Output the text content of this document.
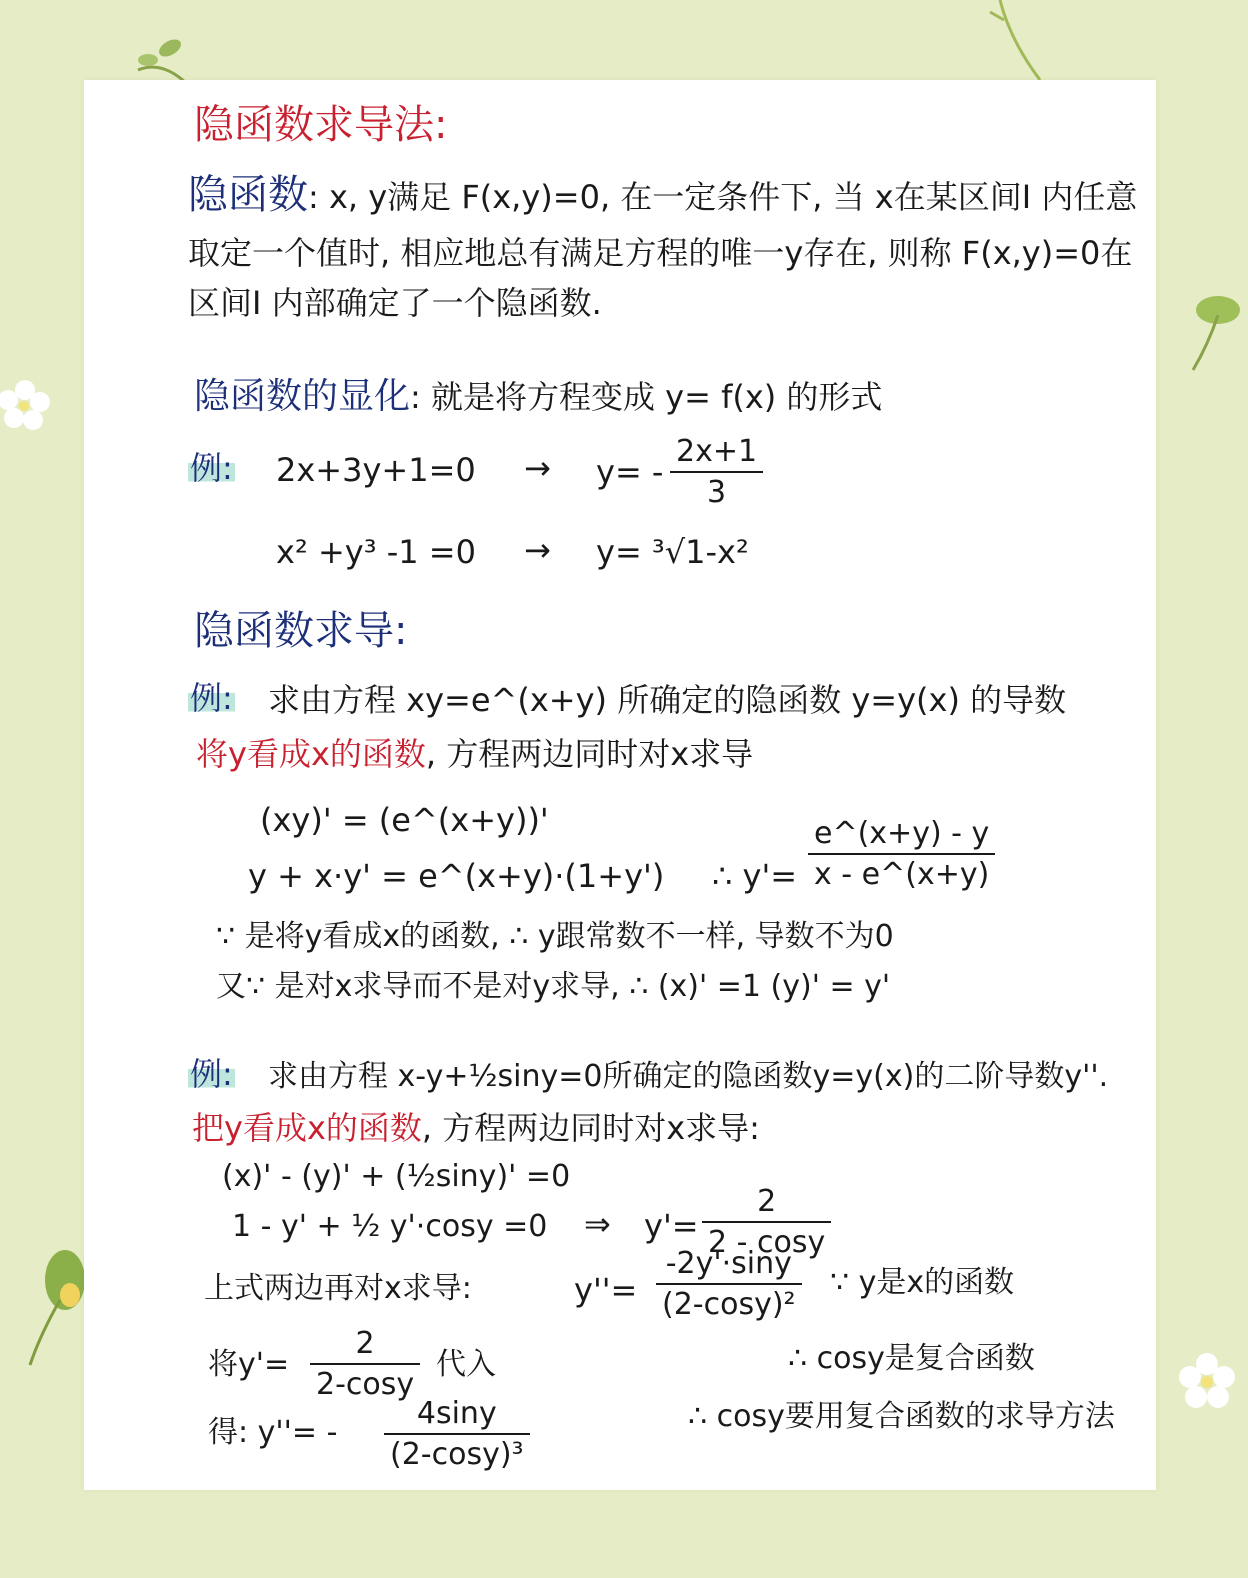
隐函数求导法:
隐函数: x, y满足 F(x,y)=0, 在一定条件下, 当 x在某区间I 内任意
取定一个值时, 相应地总有满足方程的唯一y存在, 则称 F(x,y)=0在
区间I 内部确定了一个隐函数.
隐函数的显化: 就是将方程变成 y= f(x) 的形式
例: 2x+3y+1=0 → y= -
2x+1
3
x² +y³ -1 =0 → y= ³√1-x²
隐函数求导:
例: 求由方程 xy=e^(x+y) 所确定的隐函数 y=y(x) 的导数
将y看成x的函数, 方程两边同时对x求导
(xy)' = (e^(x+y))'
y + x·y' = e^(x+y)·(1+y') ∴ y'=
e^(x+y) - y
x - e^(x+y)
∵ 是将y看成x的函数, ∴ y跟常数不一样, 导数不为0
又∵ 是对x求导而不是对y求导, ∴ (x)' =1 (y)' = y'
例: 求由方程 x-y+½siny=0所确定的隐函数y=y(x)的二阶导数y''.
把y看成x的函数, 方程两边同时对x求导:
(x)' - (y)' + (½siny)' =0
1 - y' + ½ y'·cosy =0 ⇒ y'=
2
2 - cosy
上式两边再对x求导:	y''=
-2y'·siny
(2-cosy)²
∵ y是x的函数
将y'=
2
2-cosy
代入	∴ cosy是复合函数
得: y''= -
4siny
(2-cosy)³
∴ cosy要用复合函数的求导方法
